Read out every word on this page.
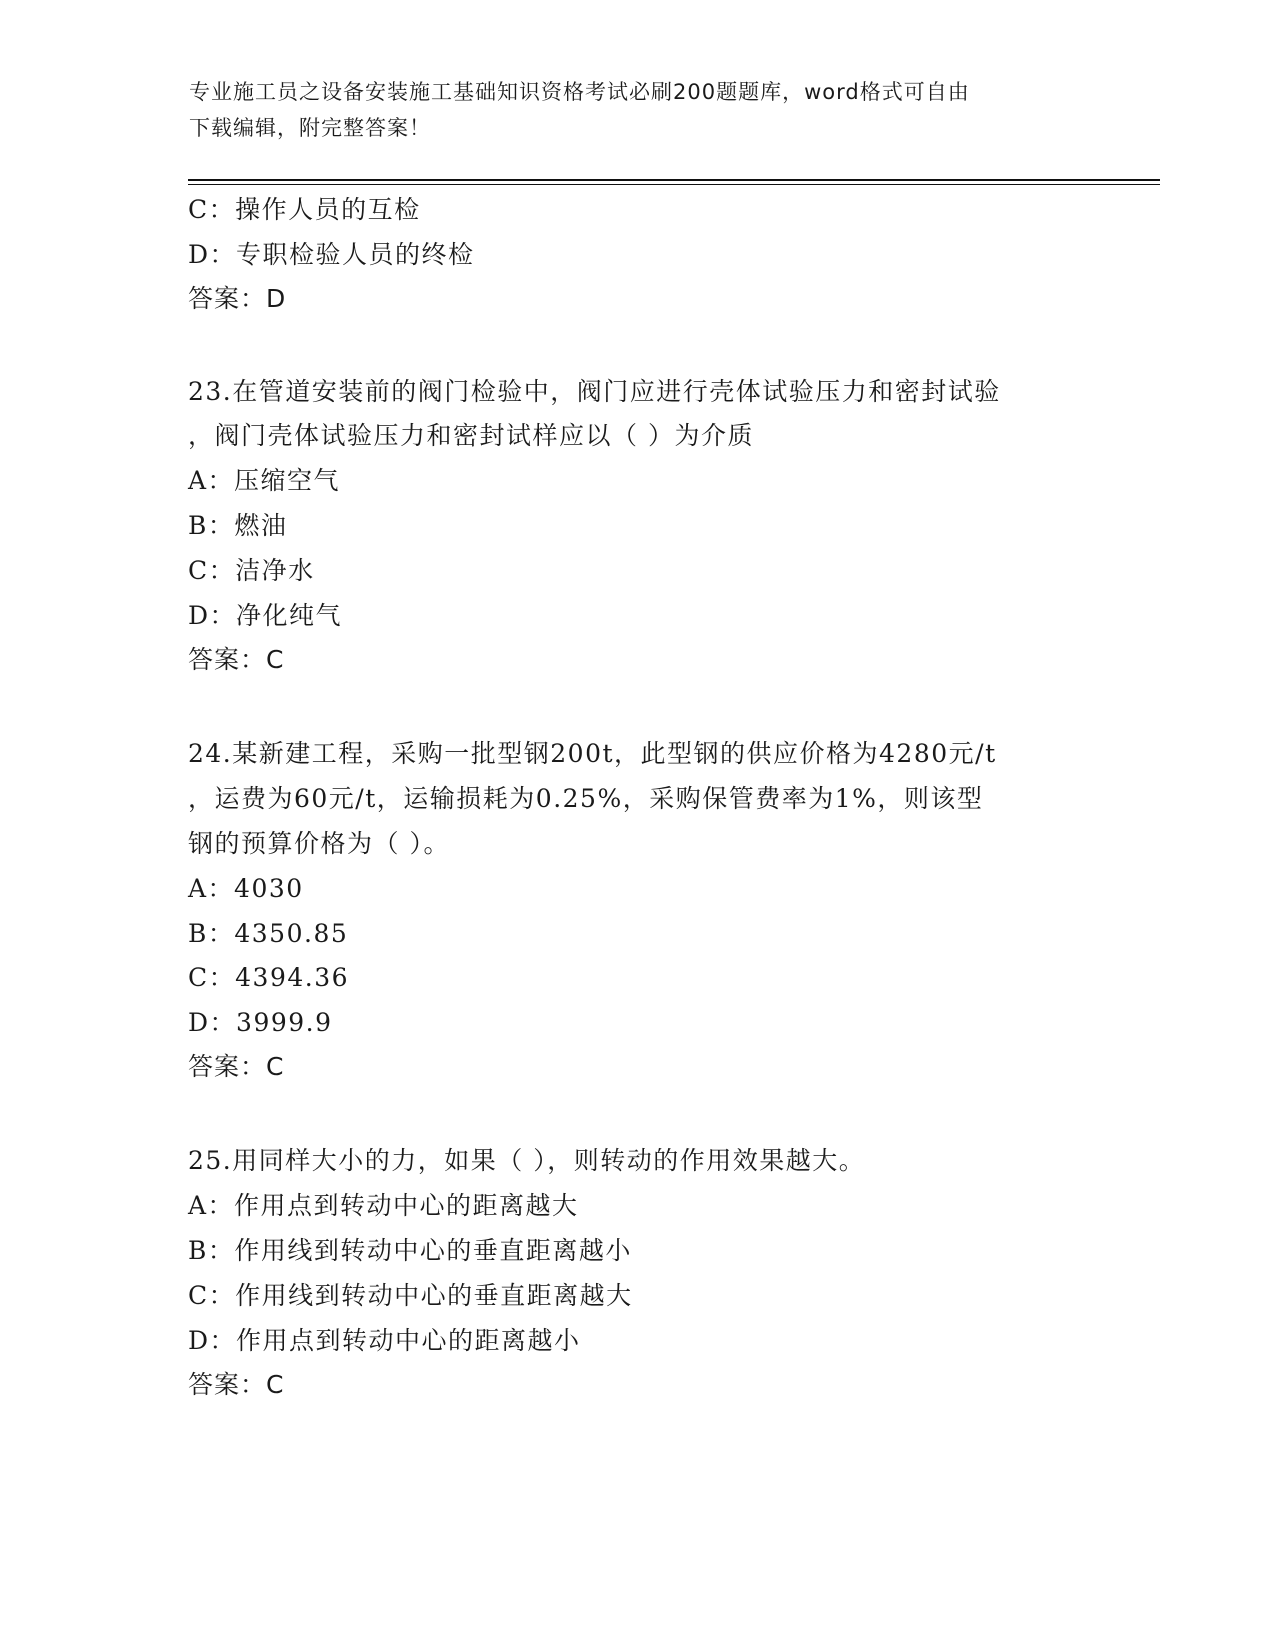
专业施工员之设备安装施工基础知识资格考试必刷200题题库，word格式可自由
下载编辑，附完整答案！
C：操作人员的互检
D：专职检验人员的终检
答案：D
23.在管道安装前的阀门检验中，阀门应进行壳体试验压力和密封试验
，阀门壳体试验压力和密封试样应以（ ）为介质
A：压缩空气
B：燃油
C：洁净水
D：净化纯气
答案：C
24.某新建工程，采购一批型钢200t，此型钢的供应价格为4280元/t
，运费为60元/t，运输损耗为0.25%，采购保管费率为1%，则该型
钢的预算价格为（ ）。
A：4030
B：4350.85
C：4394.36
D：3999.9
答案：C
25.用同样大小的力，如果（ ），则转动的作用效果越大。
A：作用点到转动中心的距离越大
B：作用线到转动中心的垂直距离越小
C：作用线到转动中心的垂直距离越大
D：作用点到转动中心的距离越小
答案：C
